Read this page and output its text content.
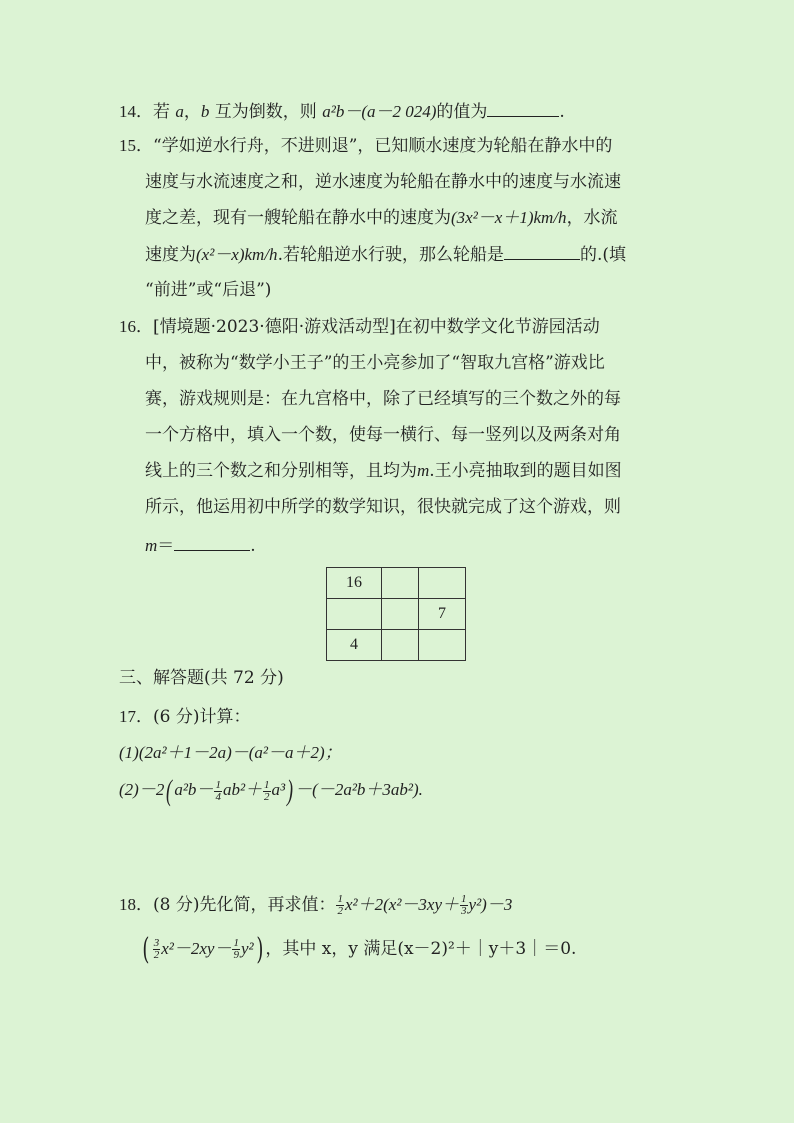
14．若 a，b 互为倒数，则 a²b－(a－2 024)的值为	.
15．“学如逆水行舟，不进则退”，已知顺水速度为轮船在静水中的
速度与水流速度之和，逆水速度为轮船在静水中的速度与水流速
度之差，现有一艘轮船在静水中的速度为(3x²－x＋1)km/h，水流
速度为(x²－x)km/h.若轮船逆水行驶，那么轮船是	的.(填
“前进”或“后退”)
16．[情境题·2023·德阳·游戏活动型]在初中数学文化节游园活动
中，被称为“数学小王子”的王小亮参加了“智取九宫格”游戏比
赛，游戏规则是：在九宫格中，除了已经填写的三个数之外的每
一个方格中，填入一个数，使每一横行、每一竖列以及两条对角
线上的三个数之和分别相等，且均为m.王小亮抽取到的题目如图
所示，他运用初中所学的数学知识，很快就完成了这个游戏，则
m＝	.
16		
		7
4		
三、解答题(共 72 分)
17．(6 分)计算：
(1)(2a²＋1－2a)－(a²－a＋2)；
(2)－2( $a^2b- \frac{1}{4} ab^2+ \frac{1}{2} a^3) -(-2a^2b+3ab^2)$.
18．(8 分)先化简，再求值： $\frac{1}{2} x^2+2(x^2-3xy+ \frac{1}{3} y^2)-3$
( $\frac{3}{2} x^2-2xy- \frac{1}{9} y^2$) ，其中 x，y 满足(x－2)²＋｜y＋3｜＝0.
